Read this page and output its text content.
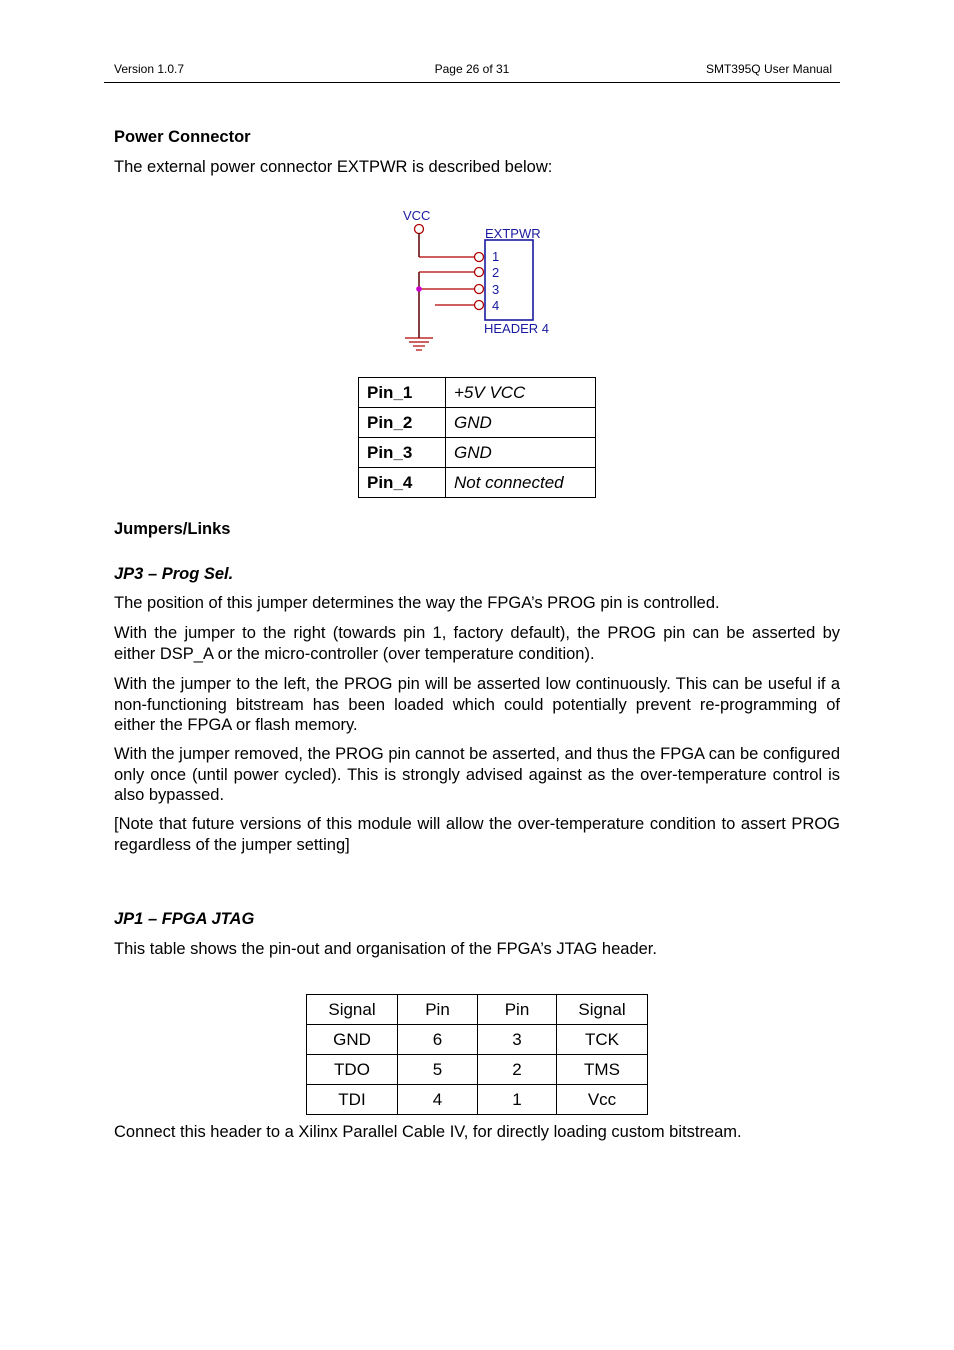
Version 1.0.7	Page 26 of 31	SMT395Q User Manual
Power Connector
The external power connector EXTPWR is described below:
VCC
EXTPWR
1
2
3
4
HEADER 4
Pin_1	+5V VCC
Pin_2	GND
Pin_3	GND
Pin_4	Not connected
Jumpers/Links
JP3 – Prog Sel.
The position of this jumper determines the way the FPGA’s PROG pin is controlled.
With the jumper to the right (towards pin 1, factory default), the PROG pin can be asserted by either DSP_A or the micro-controller (over temperature condition).
With the jumper to the left, the PROG pin will be asserted low continuously. This can be useful if a non-functioning bitstream has been loaded which could potentially prevent re-programming of either the FPGA or flash memory.
With the jumper removed, the PROG pin cannot be asserted, and thus the FPGA can be configured only once (until power cycled). This is strongly advised against as the over-temperature control is also bypassed.
[Note that future versions of this module will allow the over-temperature condition to assert PROG regardless of the jumper setting]
JP1 – FPGA JTAG
This table shows the pin-out and organisation of the FPGA’s JTAG header.
Signal	Pin	Pin	Signal
GND	6	3	TCK
TDO	5	2	TMS
TDI	4	1	Vcc
Connect this header to a Xilinx Parallel Cable IV, for directly loading custom bitstream.
